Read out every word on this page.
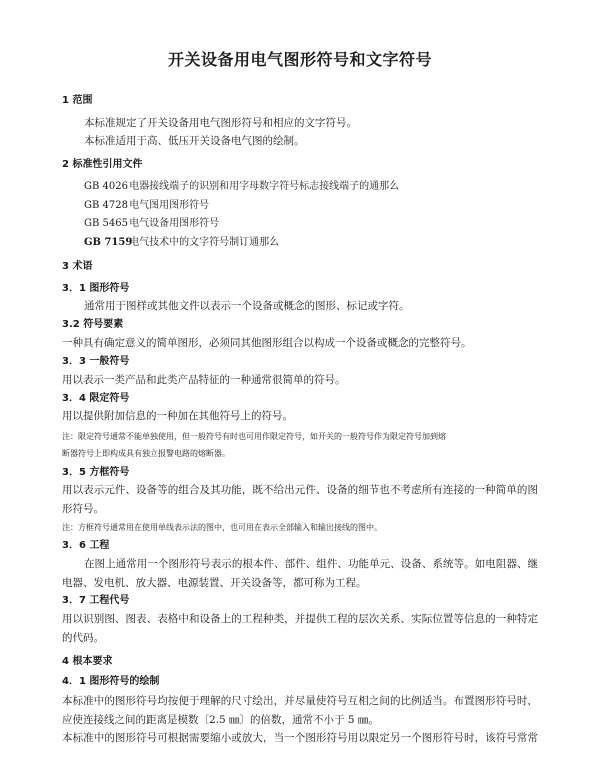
开关设备用电气图形符号和文字符号
1 范围
本标准规定了开关设备用电气图形符号和相应的文字符号。
本标准适用于高、低压开关设备电气图的绘制。
2 标准性引用文件
GB 4026 电器接线端子的识别和用字母数字符号标志接线端子的通那么
GB 4728 电气图用图形符号
GB 5465 电气设备用图形符号
GB 7159 电气技术中的文字符号制订通那么
3 术语
3．1 图形符号
通常用于图样或其他文件以表示一个设备或概念的图形、标记或字符。
3.2 符号要素
一种具有确定意义的简单图形，必须同其他图形组合以构成一个设备或概念的完整符号。
3．3 一般符号
用以表示一类产品和此类产品特征的一种通常很简单的符号。
3．4 限定符号
用以提供附加信息的一种加在其他符号上的符号。
注：限定符号通常不能单独使用，但一般符号有时也可用作限定符号，如开关的一般符号作为限定符号加到熔
断器符号上即构成具有独立报警电路的熔断器。
3．5 方框符号
用以表示元件、设备等的组合及其功能，既不给出元件、设备的细节也不考虑所有连接的一种简单的图
形符号。
注：方框符号通常用在使用单线表示法的图中，也可用在表示全部输入和输出接线的图中。
3．6 工程
在图上通常用一个图形符号表示的根本件、部件、组件、功能单元、设备、系统等。如电阻器、继
电器、发电机、放大器、电源装置、开关设备等，都可称为工程。
3．7 工程代号
用以识别图、图表、表格中和设备上的工程种类，并提供工程的层次关系、实际位置等信息的一种特定
的代码。
4 根本要求
4．1 图形符号的绘制
本标准中的图形符号均按便于理解的尺寸绘出，并尽量使符号互相之间的比例适当。布置图形符号时，
应使连接线之间的距离是模数〔2.5 ㎜〕的倍数，通常不小于 5 ㎜。
本标准中的图形符号可根据需要缩小或放大，当一个图形符号用以限定另一个图形符号时，该符号常常
